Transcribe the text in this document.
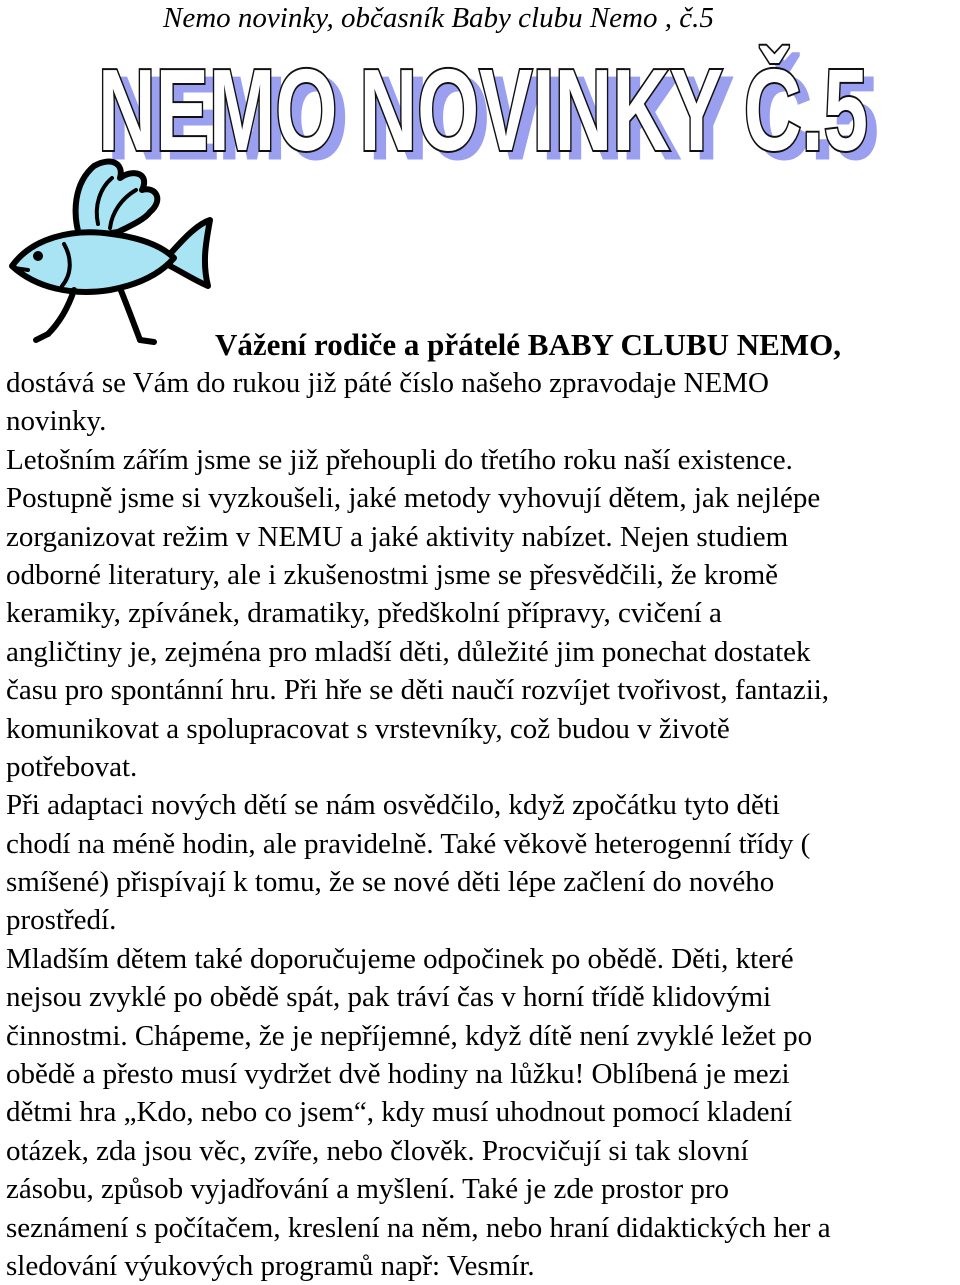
Nemo novinky, občasník Baby clubu Nemo , č.5
NEMO NOVINKY Č.5
NEMO NOVINKY Č.5
Vážení rodiče a přátelé BABY CLUBU NEMO,
dostává se Vám do rukou již páté číslo našeho zpravodaje NEMO
novinky.
Letošním zářím jsme se již přehoupli do třetího roku naší existence.
Postupně jsme si vyzkoušeli, jaké metody vyhovují dětem, jak nejlépe
zorganizovat režim v NEMU a jaké aktivity nabízet. Nejen studiem
odborné literatury, ale i zkušenostmi jsme se přesvědčili, že kromě
keramiky, zpívánek, dramatiky, předškolní přípravy, cvičení a
angličtiny je, zejména pro mladší děti, důležité jim ponechat dostatek
času pro spontánní hru. Při hře se děti naučí rozvíjet tvořivost, fantazii,
komunikovat a spolupracovat s vrstevníky, což budou v životě
potřebovat.
Při adaptaci nových dětí se nám osvědčilo, když zpočátku tyto děti
chodí na méně hodin, ale pravidelně. Také věkově heterogenní třídy (
smíšené) přispívají k tomu, že se nové děti lépe začlení do nového
prostředí.
Mladším dětem také doporučujeme odpočinek po obědě. Děti, které
nejsou zvyklé po obědě spát, pak tráví čas v horní třídě klidovými
činnostmi. Chápeme, že je nepříjemné, když dítě není zvyklé ležet po
obědě a přesto musí vydržet dvě hodiny na lůžku! Oblíbená je mezi
dětmi hra „Kdo, nebo co jsem“, kdy musí uhodnout pomocí kladení
otázek, zda jsou věc, zvíře, nebo člověk. Procvičují si tak slovní
zásobu, způsob vyjadřování a myšlení. Také je zde prostor pro
seznámení s počítačem, kreslení na něm, nebo hraní didaktických her a
sledování výukových programů např: Vesmír.
